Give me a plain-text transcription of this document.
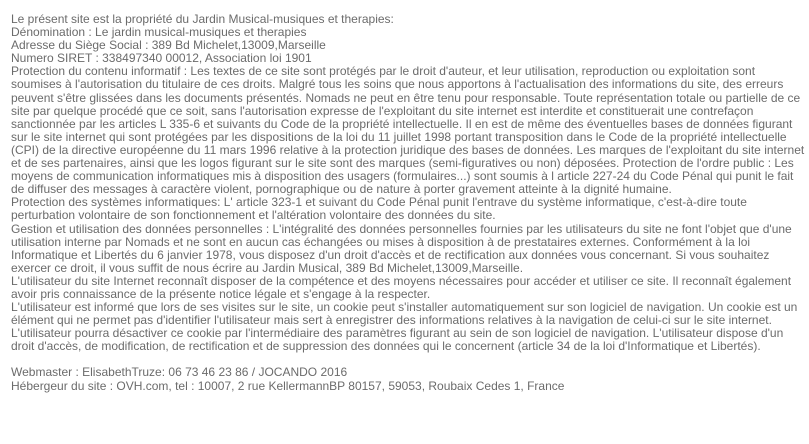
Le présent site est la propriété du Jardin Musical-musiques et therapies:

Dénomination : Le jardin musical-musiques et therapies

Adresse du Siège Social : 389 Bd Michelet,13009,Marseille

Numero SIRET : 338497340 00012, Association loi 1901

Protection du contenu informatif : Les textes de ce site sont protégés par le droit d'auteur, et leur utilisation, reproduction ou exploitation sont soumises à l'autorisation du titulaire de ces droits. Malgré tous les soins que nous apportons à l'actualisation des informations du site, des erreurs peuvent s'être glissées dans les documents présentés. Nomads ne peut en être tenu pour responsable. Toute représentation totale ou partielle de ce site par quelque procédé que ce soit, sans l'autorisation expresse de l'exploitant du site internet est interdite et constituerait une contrefaçon sanctionnée par les articles L 335-6 et suivants du Code de la propriété intellectuelle. Il en est de même des éventuelles bases de données figurant sur le site internet qui sont protégées par les dispositions de la loi du 11 juillet 1998 portant transposition dans le Code de la propriété intellectuelle (CPI) de la directive européenne du 11 mars 1996 relative à la protection juridique des bases de données. Les marques de l'exploitant du site internet et de ses partenaires, ainsi que les logos figurant sur le site sont des marques (semi-figuratives ou non) déposées. Protection de l'ordre public : Les moyens de communication informatiques mis à disposition des usagers (formulaires...) sont soumis à l article 227-24 du Code Pénal qui punit le fait de diffuser des messages à caractère violent, pornographique ou de nature à porter gravement atteinte à la dignité humaine.

Protection des systèmes informatiques: L' article 323-1 et suivant du Code Pénal punit l'entrave du système informatique, c'est-à-dire toute perturbation volontaire de son fonctionnement et l'altération volontaire des données du site.

Gestion et utilisation des données personnelles : L'intégralité des données personnelles fournies par les utilisateurs du site ne font l'objet que d'une utilisation interne par Nomads et ne sont en aucun cas échangées ou mises à disposition à de prestataires externes. Conformément à la loi Informatique et Libertés du 6 janvier 1978, vous disposez d'un droit d'accès et de rectification aux données vous concernant. Si vous souhaitez exercer ce droit, il vous suffit de nous écrire au Jardin Musical, 389 Bd Michelet,13009,Marseille.

L'utilisateur du site Internet reconnaît disposer de la compétence et des moyens nécessaires pour accéder et utiliser ce site. Il reconnaît également avoir pris connaissance de la présente notice légale et s'engage à la respecter.

L'utilisateur est informé que lors de ses visites sur le site, un cookie peut s'installer automatiquement sur son logiciel de navigation. Un cookie est un élément qui ne permet pas d'identifier l'utilisateur mais sert à enregistrer des informations relatives à la navigation de celui-ci sur le site internet.

L'utilisateur pourra désactiver ce cookie par l'intermédiaire des paramètres figurant au sein de son logiciel de navigation. L'utilisateur dispose d'un droit d'accès, de modification, de rectification et de suppression des données qui le concernent (article 34 de la loi d'Informatique et Libertés).

Webmaster : ElisabethTruze: 06 73 46 23 86 / JOCANDO 2016

Hébergeur du site : OVH.com, tel : 10007, 2 rue KellermannBP 80157, 59053, Roubaix Cedes 1, France
